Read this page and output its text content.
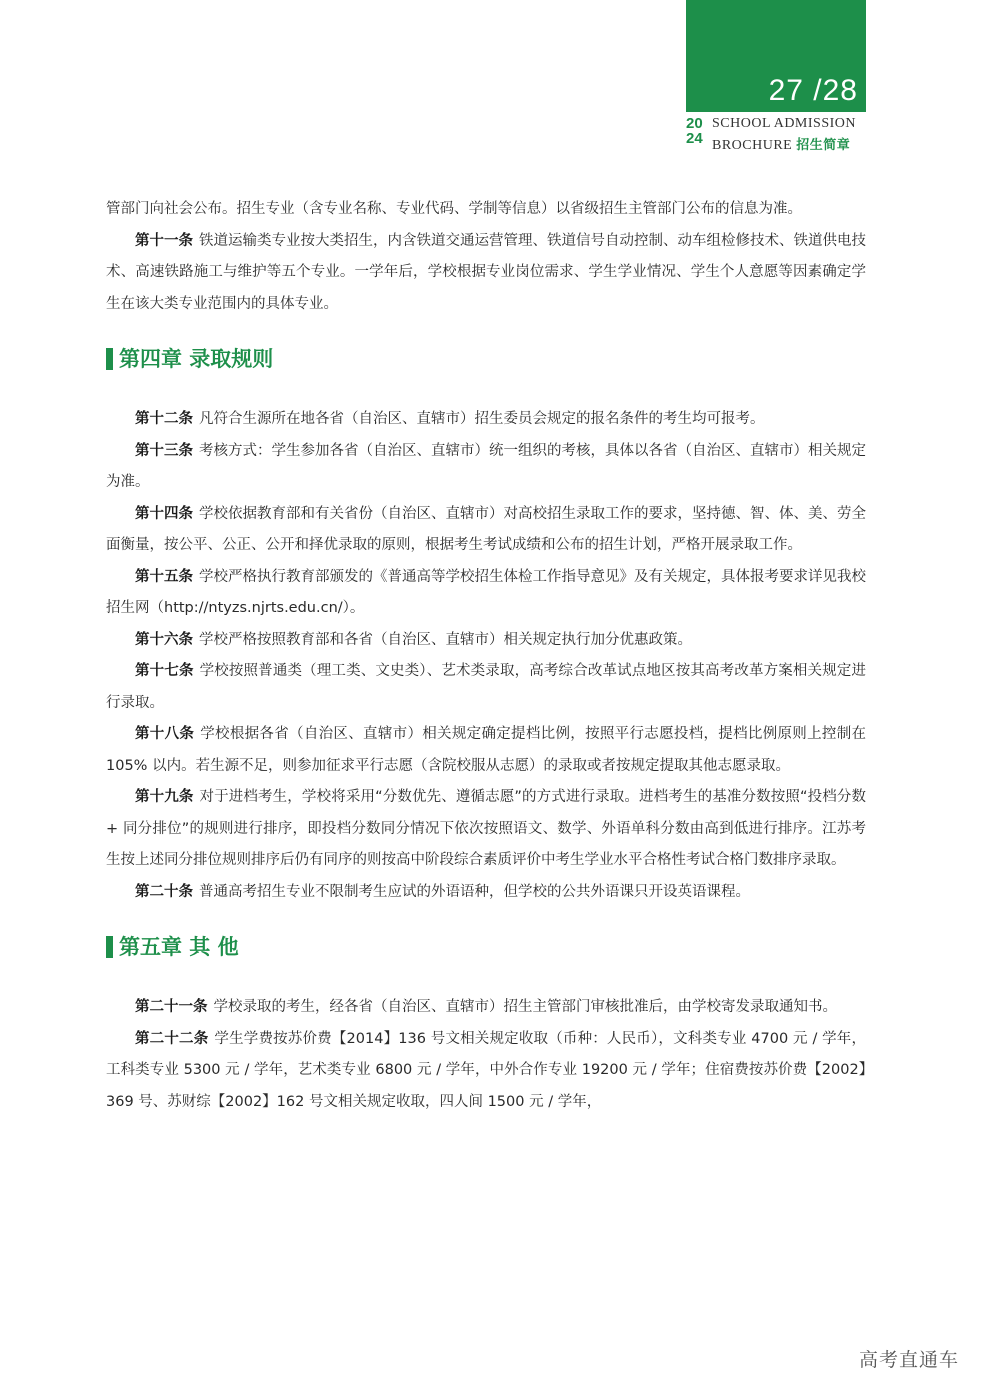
27 /28
20
24
SCHOOL ADMISSION
BROCHURE 招生简章

管部门向社会公布。招生专业（含专业名称、专业代码、学制等信息）以省级招生主管部门公布的信息为准。

第十一条 铁道运输类专业按大类招生，内含铁道交通运营管理、铁道信号自动控制、动车组检修技术、铁道供电技术、高速铁路施工与维护等五个专业。一学年后，学校根据专业岗位需求、学生学业情况、学生个人意愿等因素确定学生在该大类专业范围内的具体专业。

第四章 录取规则

第十二条 凡符合生源所在地各省（自治区、直辖市）招生委员会规定的报名条件的考生均可报考。

第十三条 考核方式：学生参加各省（自治区、直辖市）统一组织的考核，具体以各省（自治区、直辖市）相关规定为准。

第十四条 学校依据教育部和有关省份（自治区、直辖市）对高校招生录取工作的要求，坚持德、智、体、美、劳全面衡量，按公平、公正、公开和择优录取的原则，根据考生考试成绩和公布的招生计划，严格开展录取工作。

第十五条 学校严格执行教育部颁发的《普通高等学校招生体检工作指导意见》及有关规定，具体报考要求详见我校招生网（http://ntyzs.njrts.edu.cn/）。

第十六条 学校严格按照教育部和各省（自治区、直辖市）相关规定执行加分优惠政策。

第十七条 学校按照普通类（理工类、文史类）、艺术类录取，高考综合改革试点地区按其高考改革方案相关规定进行录取。

第十八条 学校根据各省（自治区、直辖市）相关规定确定提档比例，按照平行志愿投档，提档比例原则上控制在 105% 以内。若生源不足，则参加征求平行志愿（含院校服从志愿）的录取或者按规定提取其他志愿录取。

第十九条 对于进档考生，学校将采用“分数优先、遵循志愿”的方式进行录取。进档考生的基准分数按照“投档分数 + 同分排位”的规则进行排序，即投档分数同分情况下依次按照语文、数学、外语单科分数由高到低进行排序。江苏考生按上述同分排位规则排序后仍有同序的则按高中阶段综合素质评价中考生学业水平合格性考试合格门数排序录取。

第二十条 普通高考招生专业不限制考生应试的外语语种，但学校的公共外语课只开设英语课程。

第五章 其 他

第二十一条 学校录取的考生，经各省（自治区、直辖市）招生主管部门审核批准后，由学校寄发录取通知书。

第二十二条 学生学费按苏价费【2014】136 号文相关规定收取（币种：人民币），文科类专业 4700 元 / 学年，工科类专业 5300 元 / 学年，艺术类专业 6800 元 / 学年，中外合作专业 19200 元 / 学年；住宿费按苏价费【2002】369 号、苏财综【2002】162 号文相关规定收取，四人间 1500 元 / 学年，

高考直通车
